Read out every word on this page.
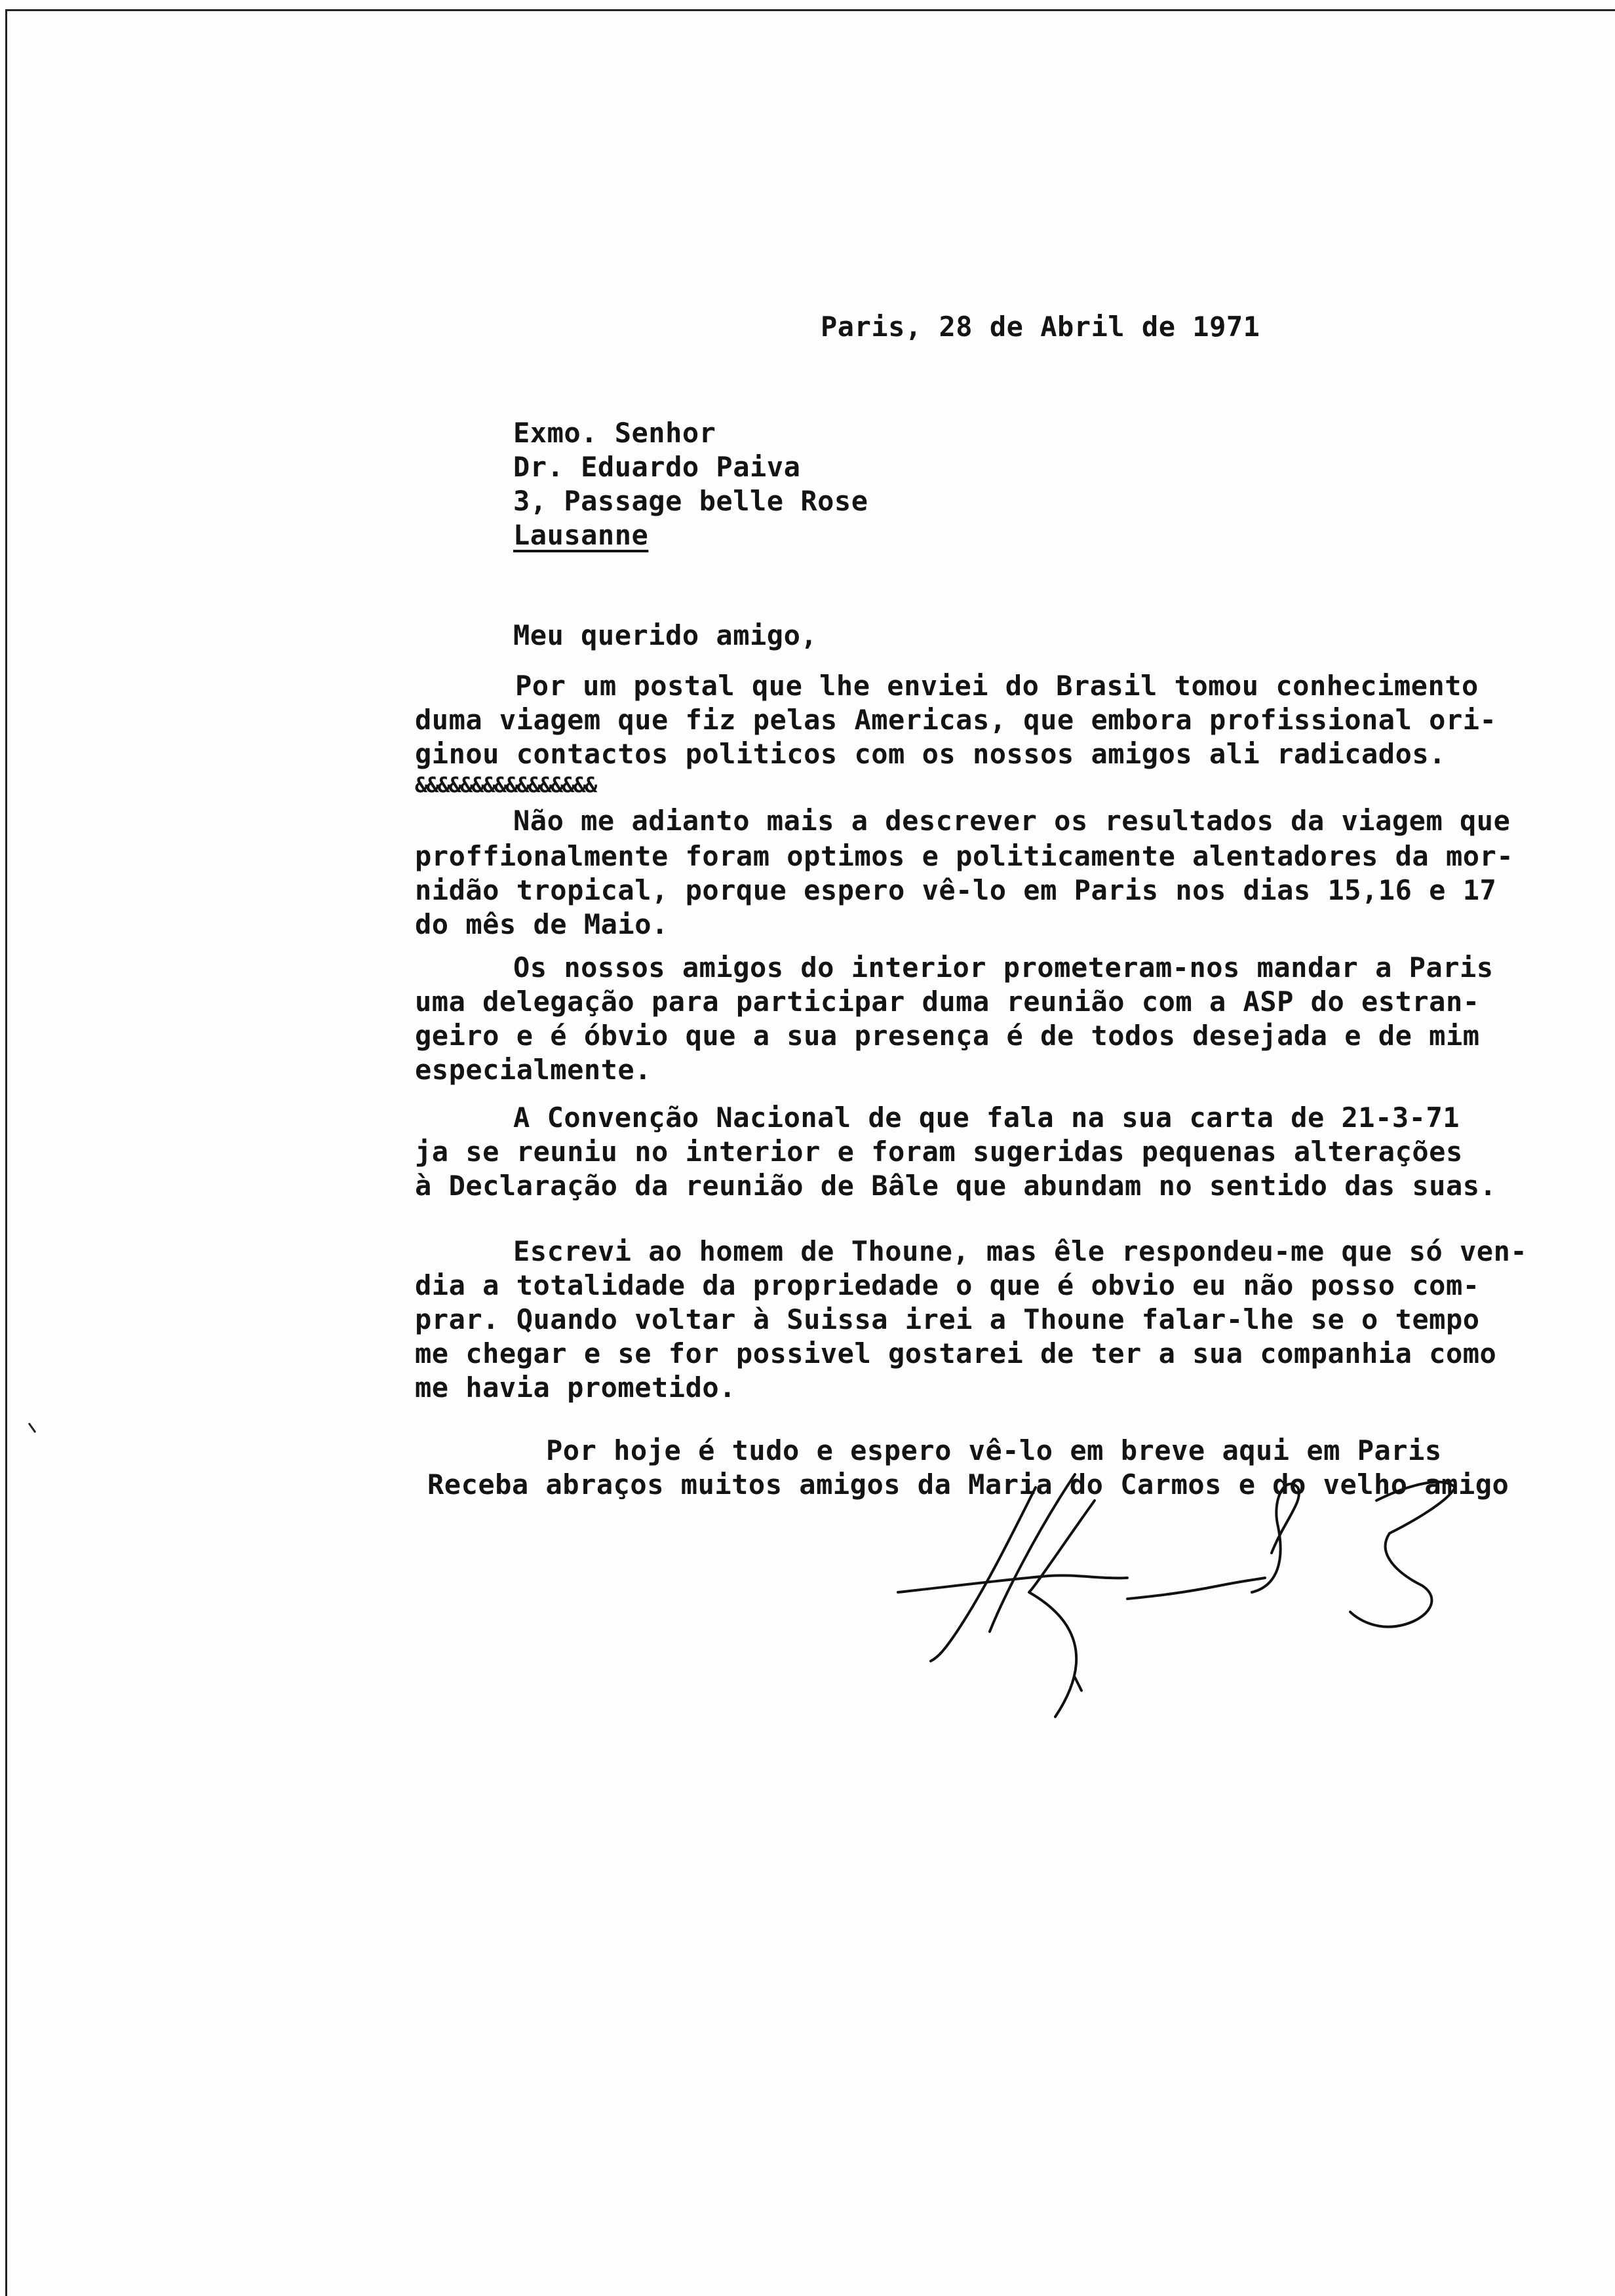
Paris, 28 de Abril de 1971
Exmo. Senhor
Dr. Eduardo Paiva
3, Passage belle Rose
Lausanne
Meu querido amigo,
Por um postal que lhe enviei do Brasil tomou conhecimento
duma viagem que fiz pelas Americas, que embora profissional ori-
ginou contactos politicos com os nossos amigos ali radicados.
&&&&&&&&&&&&&&&&
Não me adianto mais a descrever os resultados da viagem que
proffionalmente foram optimos e politicamente alentadores da mor-
nidão tropical, porque espero vê-lo em Paris nos dias 15,16 e 17
do mês de Maio.
Os nossos amigos do interior prometeram-nos mandar a Paris
uma delegação para participar duma reunião com a ASP do estran-
geiro e é óbvio que a sua presença é de todos desejada e de mim
especialmente.
A Convenção Nacional de que fala na sua carta de 21-3-71
ja se reuniu no interior e foram sugeridas pequenas alterações
à Declaração da reunião de Bâle que abundam no sentido das suas.
Escrevi ao homem de Thoune, mas êle respondeu-me que só ven-
dia a totalidade da propriedade o que é obvio eu não posso com-
prar. Quando voltar à Suissa irei a Thoune falar-lhe se o tempo
me chegar e se for possivel gostarei de ter a sua companhia como
me havia prometido.
Por hoje é tudo e espero vê-lo em breve aqui em Paris
Receba abraços muitos amigos da Maria do Carmos e do velho amigo
